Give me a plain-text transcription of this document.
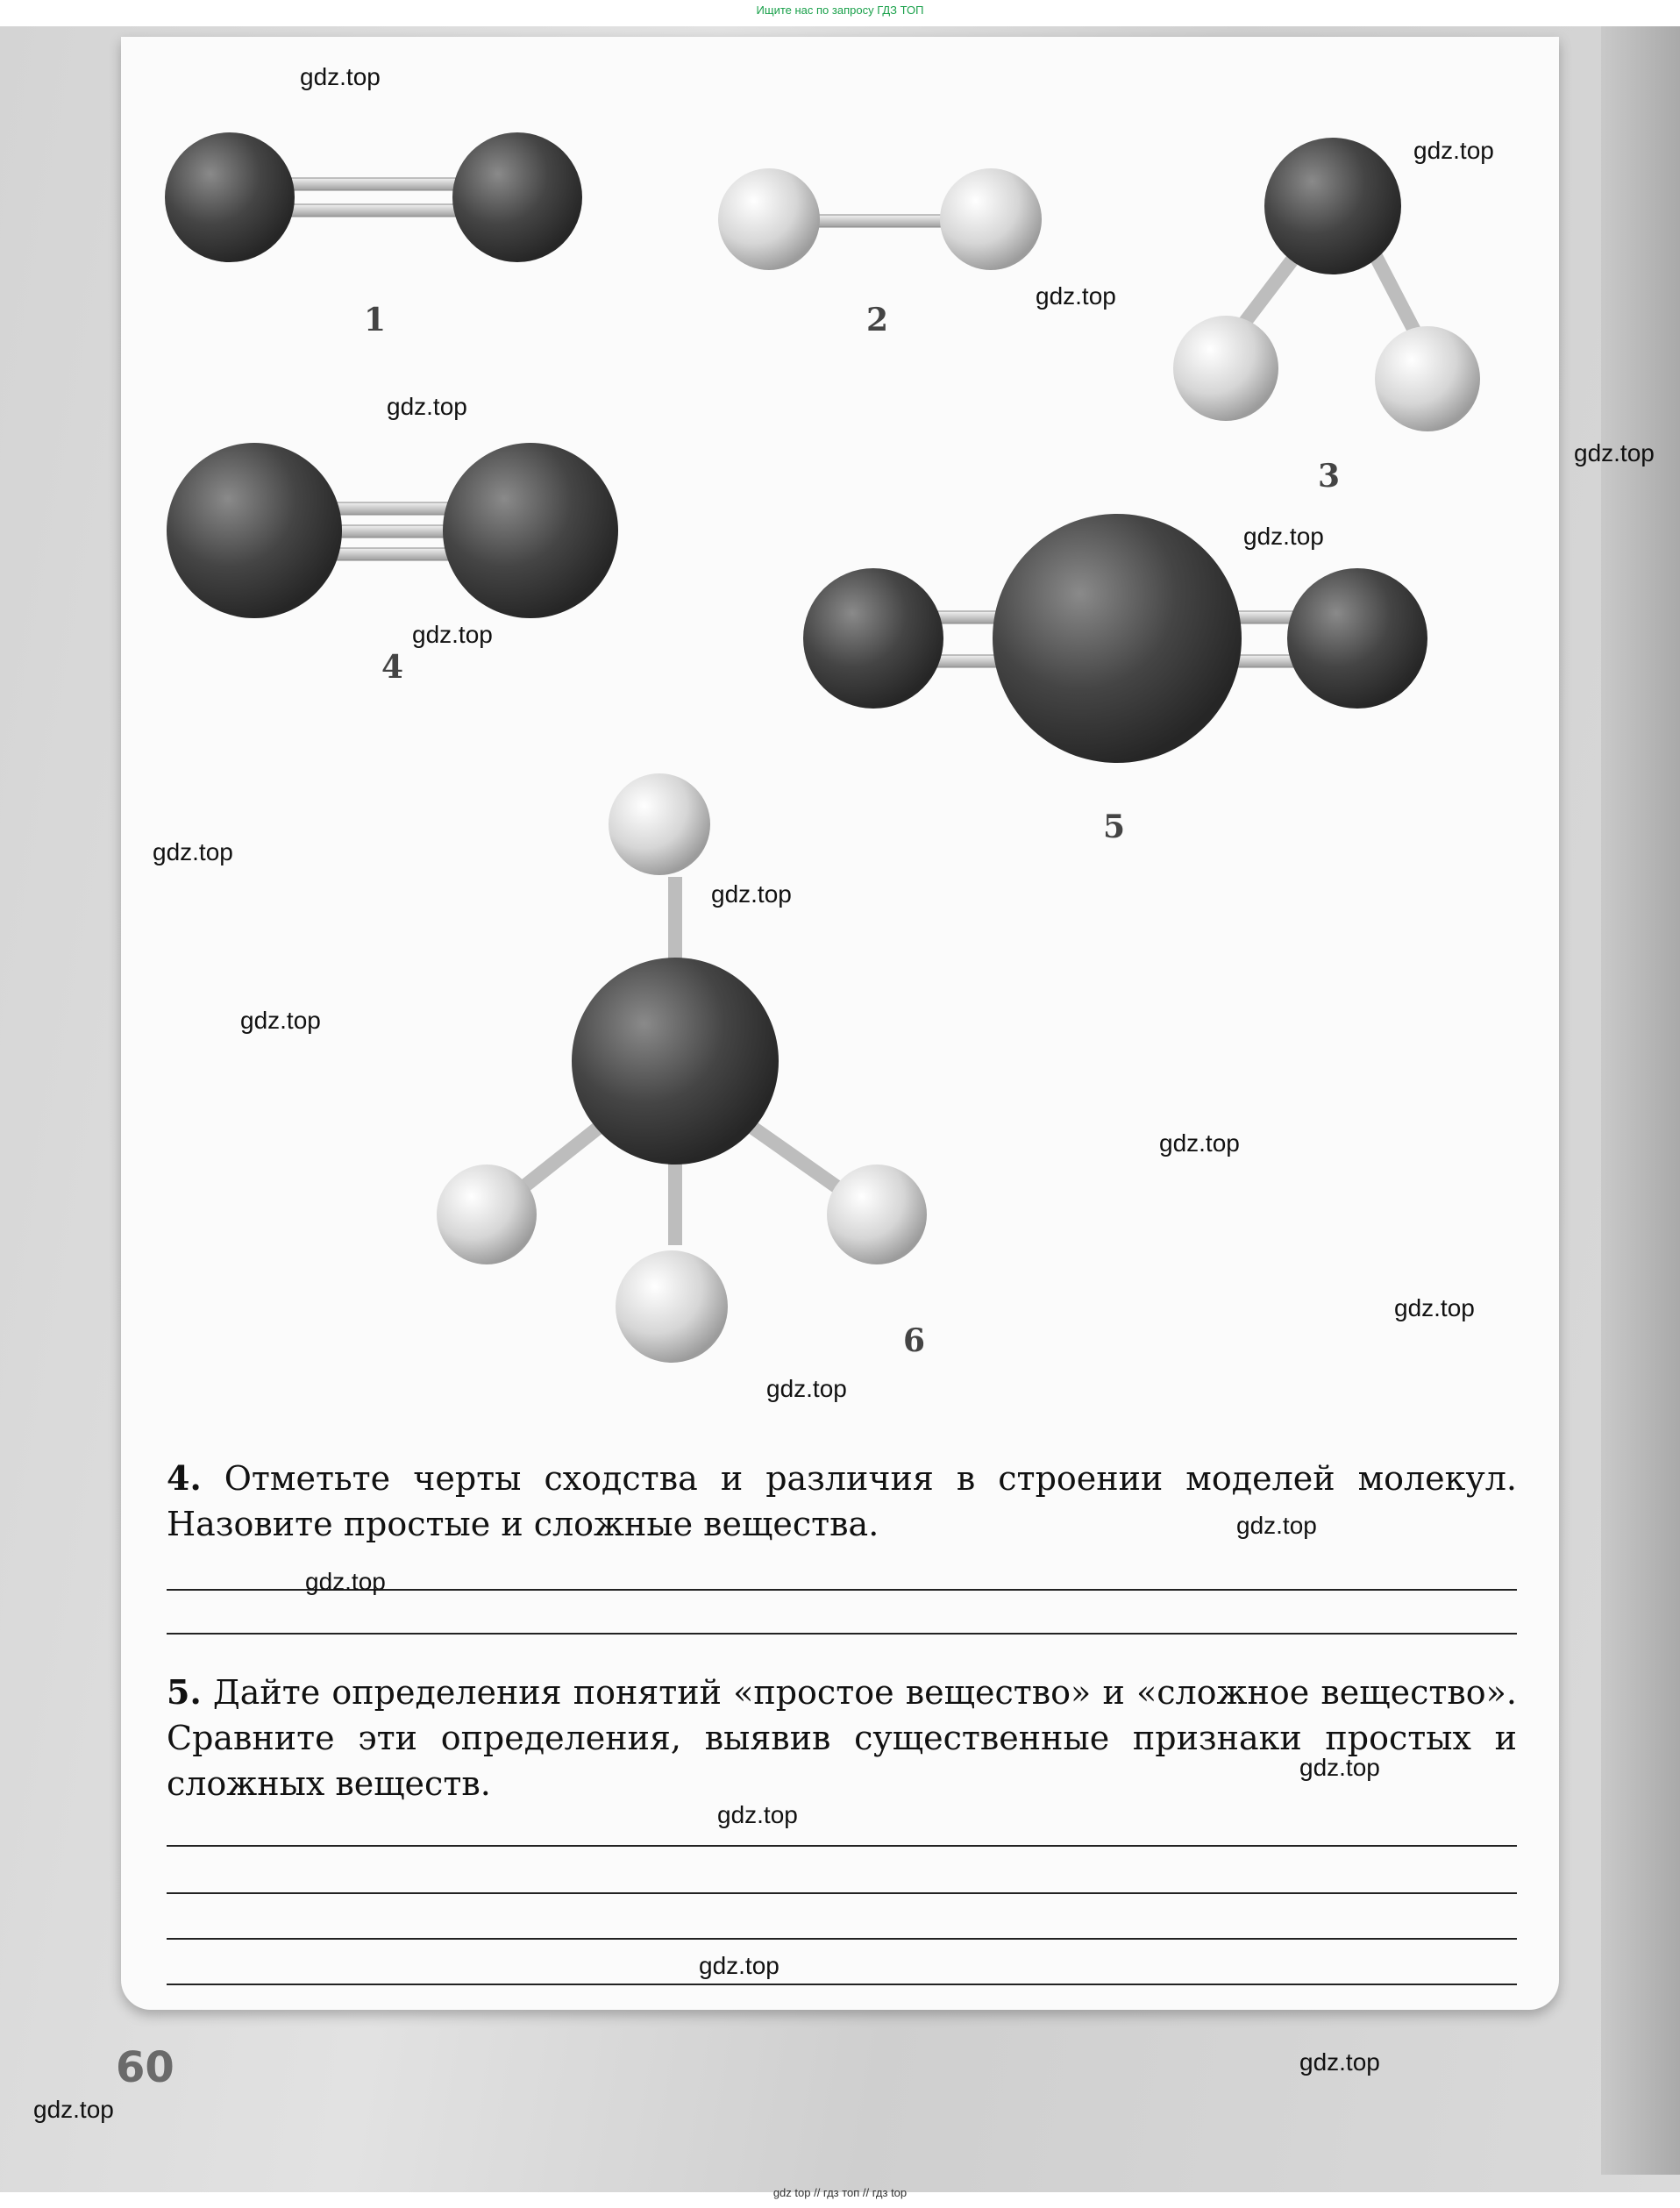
Ищите нас по запросу ГДЗ ТОП
1	2
3
4
5
6

4. Отметьте черты сходства и различия в строении моделей молекул. Назовите простые и сложные вещества.

5. Дайте определения понятий «простое вещество» и «сложное вещество». Сравните эти определения, выявив существенные признаки простых и сложных веществ.

60
gdz.top
gdz.top
gdz.top
gdz.top
gdz.top
gdz.top
gdz.top
gdz.top
gdz.top
gdz.top
gdz.top
gdz.top
gdz.top
gdz.top
gdz.top
gdz.top
gdz.top
gdz.top
gdz.top
gdz.top
gdz top // гдз топ // гдз top
